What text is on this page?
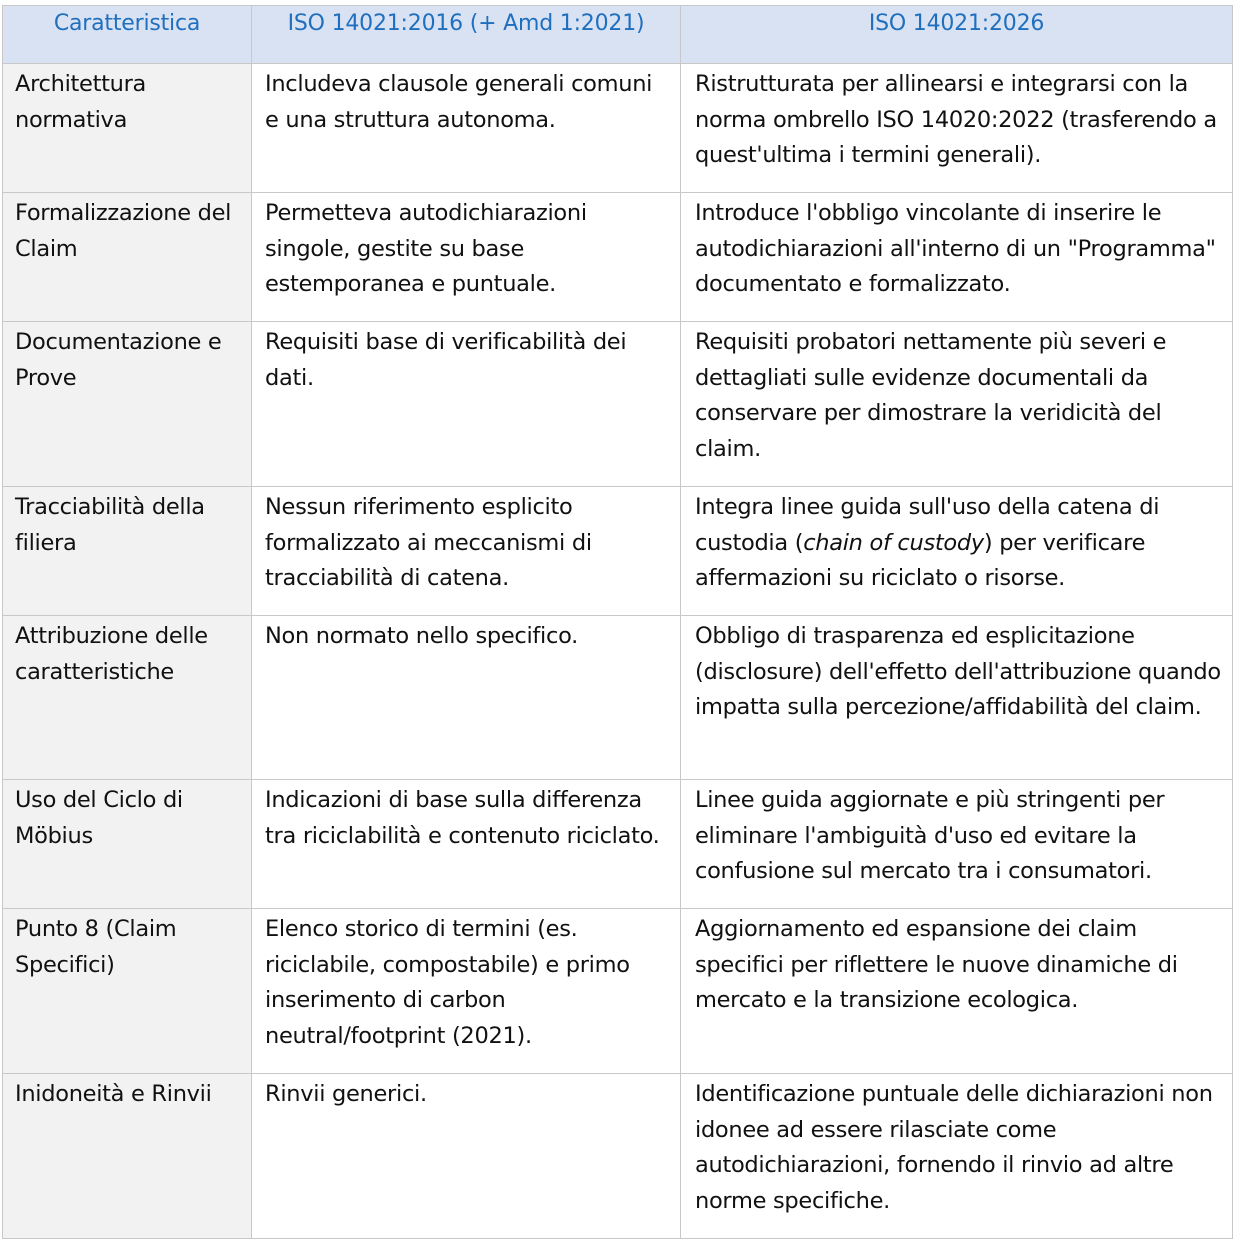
Caratteristica	ISO 14021:2016 (+ Amd 1:2021)	ISO 14021:2026
Architettura normativa	Includeva clausole generali comuni e una struttura autonoma.	Ristrutturata per allinearsi e integrarsi con la norma ombrello ISO 14020:2022 (trasferendo a quest'ultima i termini generali).
Formalizzazione del Claim	Permetteva autodichiarazioni singole, gestite su base estemporanea e puntuale.	Introduce l'obbligo vincolante di inserire le autodichiarazioni all'interno di un "Programma" documentato e formalizzato.
Documentazione e Prove	Requisiti base di verificabilità dei dati.	Requisiti probatori nettamente più severi e dettagliati sulle evidenze documentali da conservare per dimostrare la veridicità del claim.
Tracciabilità della filiera	Nessun riferimento esplicito formalizzato ai meccanismi di tracciabilità di catena.	Integra linee guida sull'uso della catena di custodia (chain of custody) per verificare affermazioni su riciclato o risorse.
Attribuzione delle caratteristiche	Non normato nello specifico.	Obbligo di trasparenza ed esplicitazione (disclosure) dell'effetto dell'attribuzione quando impatta sulla percezione/affidabilità del claim.
Uso del Ciclo di Möbius	Indicazioni di base sulla differenza tra riciclabilità e contenuto riciclato.	Linee guida aggiornate e più stringenti per eliminare l'ambiguità d'uso ed evitare la confusione sul mercato tra i consumatori.
Punto 8 (Claim Specifici)	Elenco storico di termini (es. riciclabile, compostabile) e primo inserimento di carbon neutral/footprint (2021).	Aggiornamento ed espansione dei claim specifici per riflettere le nuove dinamiche di mercato e la transizione ecologica.
Inidoneità e Rinvii	Rinvii generici.	Identificazione puntuale delle dichiarazioni non idonee ad essere rilasciate come autodichiarazioni, fornendo il rinvio ad altre norme specifiche.
